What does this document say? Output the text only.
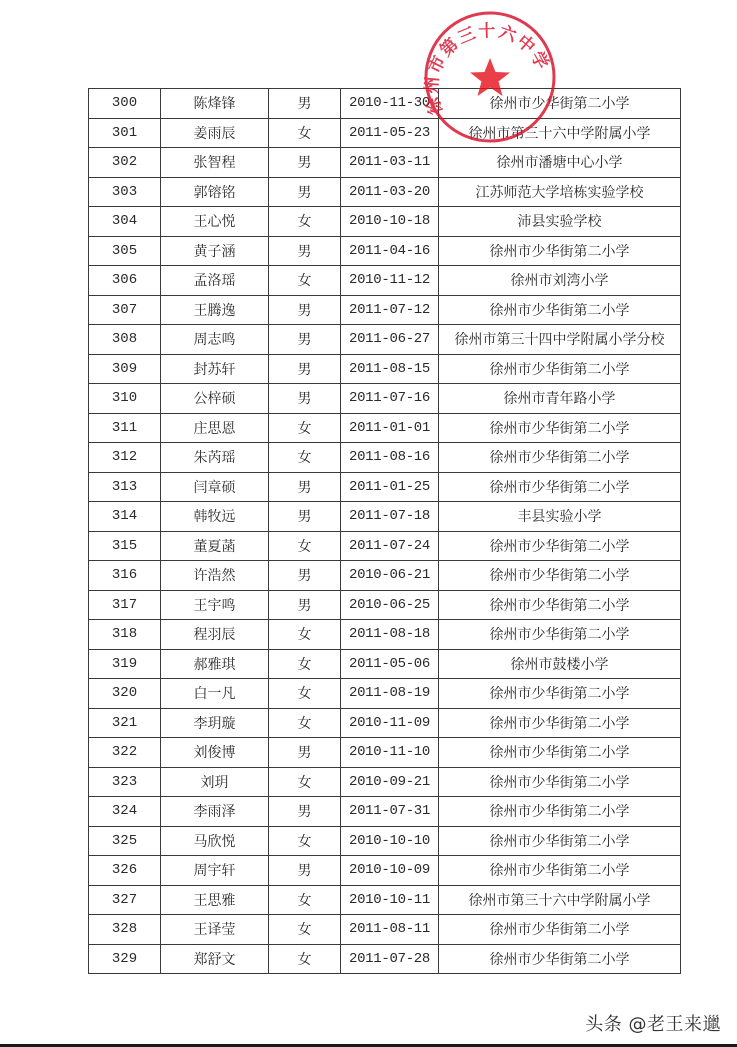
300	陈烽锋	男	2010-11-30	徐州市少华街第二小学
301	姜雨辰	女	2011-05-23	徐州市第三十六中学附属小学
302	张智程	男	2011-03-11	徐州市潘塘中心小学
303	郭镕铭	男	2011-03-20	江苏师范大学培栋实验学校
304	王心悦	女	2010-10-18	沛县实验学校
305	黄子涵	男	2011-04-16	徐州市少华街第二小学
306	孟洛瑶	女	2010-11-12	徐州市刘湾小学
307	王腾逸	男	2011-07-12	徐州市少华街第二小学
308	周志鸣	男	2011-06-27	徐州市第三十四中学附属小学分校
309	封苏轩	男	2011-08-15	徐州市少华街第二小学
310	公梓硕	男	2011-07-16	徐州市青年路小学
311	庄思恩	女	2011-01-01	徐州市少华街第二小学
312	朱芮瑶	女	2011-08-16	徐州市少华街第二小学
313	闫章硕	男	2011-01-25	徐州市少华街第二小学
314	韩牧远	男	2011-07-18	丰县实验小学
315	董夏菡	女	2011-07-24	徐州市少华街第二小学
316	许浩然	男	2010-06-21	徐州市少华街第二小学
317	王宇鸣	男	2010-06-25	徐州市少华街第二小学
318	程羽辰	女	2011-08-18	徐州市少华街第二小学
319	郝雅琪	女	2011-05-06	徐州市鼓楼小学
320	白一凡	女	2011-08-19	徐州市少华街第二小学
321	李玥璇	女	2010-11-09	徐州市少华街第二小学
322	刘俊博	男	2010-11-10	徐州市少华街第二小学
323	刘玥	女	2010-09-21	徐州市少华街第二小学
324	李雨泽	男	2011-07-31	徐州市少华街第二小学
325	马欣悦	女	2010-10-10	徐州市少华街第二小学
326	周宇轩	男	2010-10-09	徐州市少华街第二小学
327	王思雅	女	2010-10-11	徐州市第三十六中学附属小学
328	王译莹	女	2011-08-11	徐州市少华街第二小学
329	郑舒文	女	2011-07-28	徐州市少华街第二小学
徐州市第三十六中学
头条 @老王来邋
